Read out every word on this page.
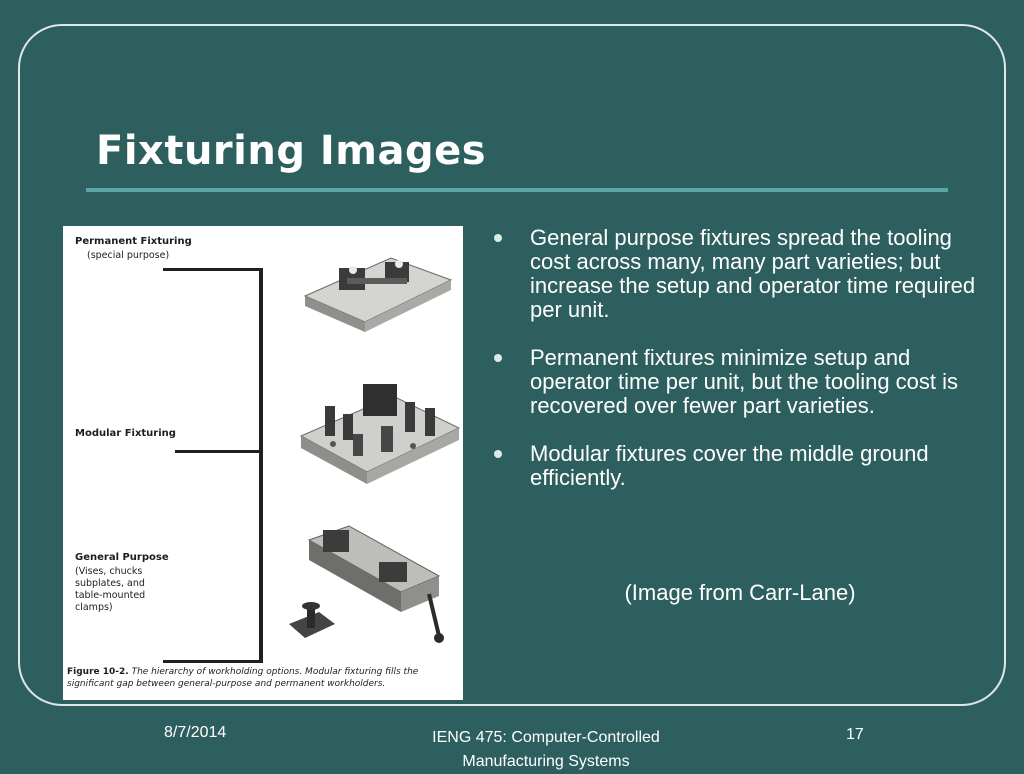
Fixturing Images
Permanent Fixturing
(special purpose)
Modular Fixturing
General Purpose
(Vises, chucks
subplates, and
table-mounted
clamps)
Figure 10-2. The hierarchy of workholding options. Modular fixturing fills the significant gap between general-purpose and permanent workholders.
General purpose fixtures spread the tooling cost across many, many part varieties; but increase the setup and operator time required per unit.
Permanent fixtures minimize setup and operator time per unit, but the tooling cost is recovered over fewer part varieties.
Modular fixtures cover the middle ground efficiently.
(Image from Carr-Lane)
8/7/2014	IENG 475: Computer-Controlled
Manufacturing Systems
17
